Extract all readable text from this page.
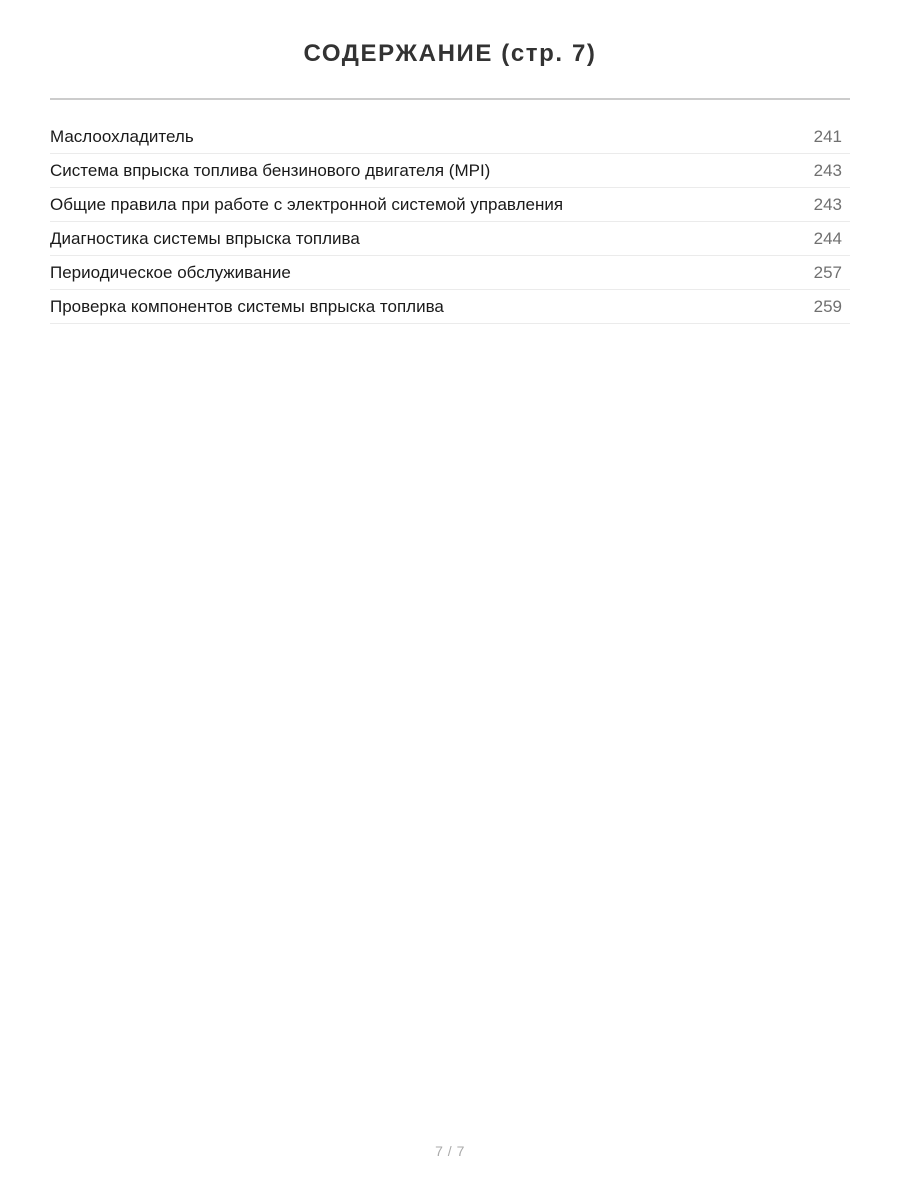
СОДЕРЖАНИЕ (стр. 7)
Маслоохладитель	241
Система впрыска топлива бензинового двигателя (MPI)	243
Общие правила при работе с электронной системой управления	243
Диагностика системы впрыска топлива	244
Периодическое обслуживание	257
Проверка компонентов системы впрыска топлива	259
7 / 7
